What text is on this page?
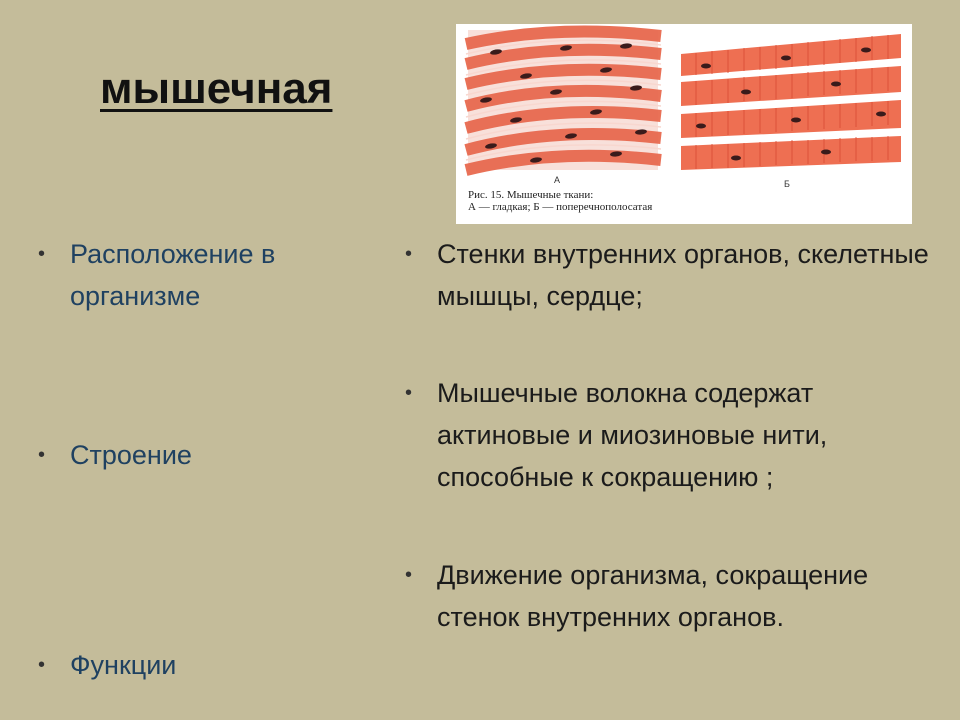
мышечная
А	Б
Рис. 15. Мышечные ткани:
А — гладкая; Б — поперечнополосатая
• Расположение в организме
• Строение
• Функции
• Стенки внутренних органов, скелетные мышцы, сердце;
• Мышечные волокна содержат актиновые и миозиновые нити, способные к сокращению ;
• Движение организма, сокращение стенок внутренних органов.
